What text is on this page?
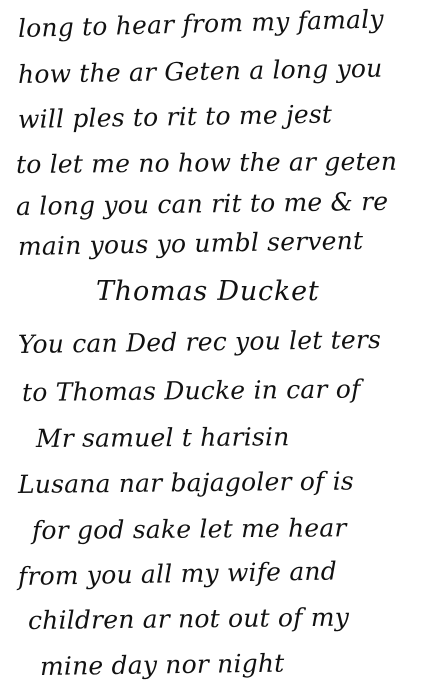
long to hear from my famaly
how the ar Geten a long you
will ples to rit to me jest
to let me no how the ar geten
a long you can rit to me & re
main yous yo umbl servent
Thomas Ducket
You can Ded rec you let ters
to Thomas Ducke in car of
Mr samuel t harisin
Lusana nar bajagoler of is
for god sake let me hear
from you all my wife and
children ar not out of my
mine day nor night
